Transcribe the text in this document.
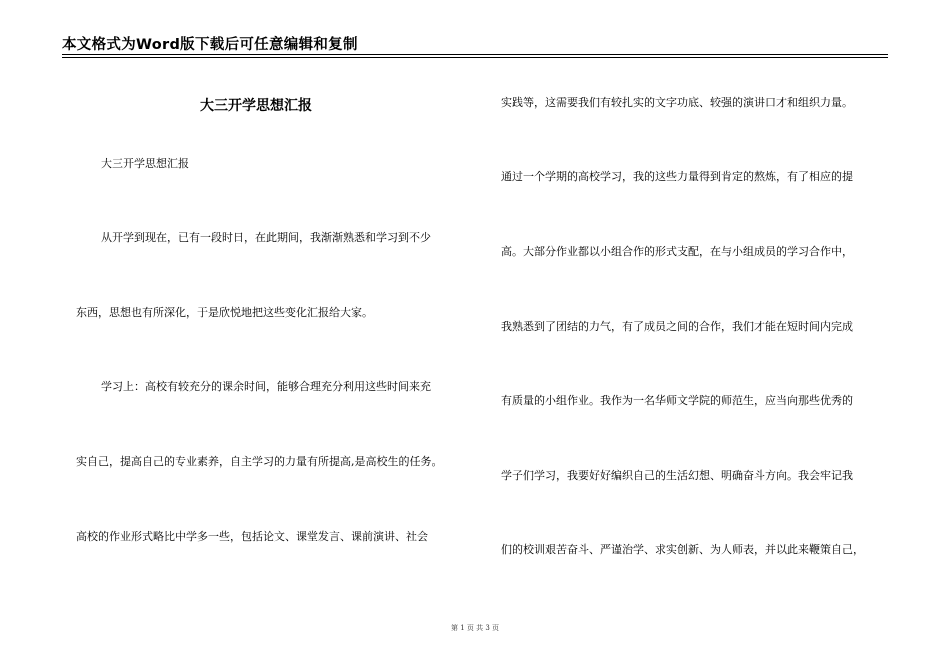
本文格式为Word版下载后可任意编辑和复制
大三开学思想汇报
大三开学思想汇报
从开学到现在，已有一段时日，在此期间，我渐渐熟悉和学习到不少
东西，思想也有所深化，于是欣悦地把这些变化汇报给大家。
学习上：高校有较充分的课余时间，能够合理充分利用这些时间来充
实自己，提高自己的专业素养，自主学习的力量有所提高,是高校生的任务。
高校的作业形式略比中学多一些，包括论文、课堂发言、课前演讲、社会
实践等，这需要我们有较扎实的文字功底、较强的演讲口才和组织力量。
通过一个学期的高校学习，我的这些力量得到肯定的熬炼，有了相应的提
高。大部分作业都以小组合作的形式支配，在与小组成员的学习合作中，
我熟悉到了团结的力气，有了成员之间的合作，我们才能在短时间内完成
有质量的小组作业。我作为一名华师文学院的师范生，应当向那些优秀的
学子们学习，我要好好编织自己的生活幻想、明确奋斗方向。我会牢记我
们的校训艰苦奋斗、严谨治学、求实创新、为人师表，并以此来鞭策自己，
第 1 页 共 3 页
